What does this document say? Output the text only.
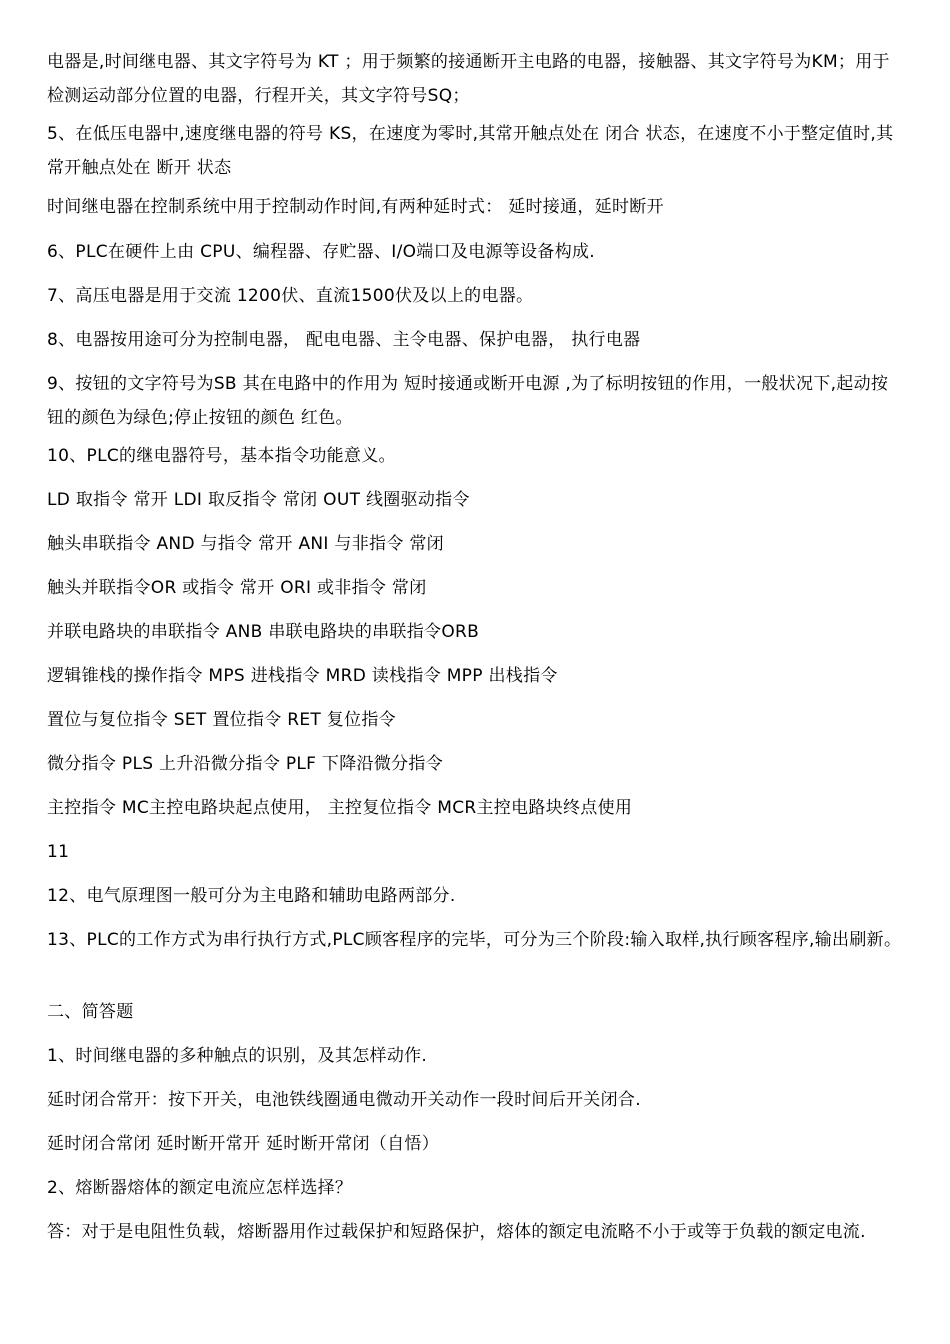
电器是,时间继电器、其文字符号为 KT ；用于频繁的接通断开主电路的电器，接触器、其文字符号为KM；用于检测运动部分位置的电器，行程开关，其文字符号SQ；

5、在低压电器中,速度继电器的符号 KS，在速度为零时,其常开触点处在 闭合 状态，在速度不小于整定值时,其常开触点处在 断开 状态

时间继电器在控制系统中用于控制动作时间,有两种延时式： 延时接通，延时断开

6、PLC在硬件上由 CPU、编程器、存贮器、I/O端口及电源等设备构成.

7、高压电器是用于交流 1200伏、直流1500伏及以上的电器。

8、电器按用途可分为控制电器， 配电电器、主令电器、保护电器， 执行电器

9、按钮的文字符号为SB 其在电路中的作用为 短时接通或断开电源 ,为了标明按钮的作用，一般状况下,起动按钮的颜色为绿色;停止按钮的颜色 红色。

10、PLC的继电器符号，基本指令功能意义。

LD 取指令 常开 LDI 取反指令 常闭 OUT 线圈驱动指令

触头串联指令 AND 与指令 常开 ANI 与非指令 常闭

触头并联指令OR 或指令 常开 ORI 或非指令 常闭

并联电路块的串联指令 ANB 串联电路块的串联指令ORB

逻辑锥栈的操作指令 MPS 进栈指令 MRD 读栈指令 MPP 出栈指令

置位与复位指令 SET 置位指令 RET 复位指令

微分指令 PLS 上升沿微分指令 PLF 下降沿微分指令

主控指令 MC主控电路块起点使用， 主控复位指令 MCR主控电路块终点使用

11

12、电气原理图一般可分为主电路和辅助电路两部分.

13、PLC的工作方式为串行执行方式,PLC顾客程序的完毕，可分为三个阶段:输入取样,执行顾客程序,输出刷新。

二、简答题

1、时间继电器的多种触点的识别，及其怎样动作.

延时闭合常开：按下开关，电池铁线圈通电微动开关动作一段时间后开关闭合.

延时闭合常闭 延时断开常开 延时断开常闭（自悟）

2、熔断器熔体的额定电流应怎样选择？

答：对于是电阻性负载，熔断器用作过载保护和短路保护，熔体的额定电流略不小于或等于负载的额定电流.
